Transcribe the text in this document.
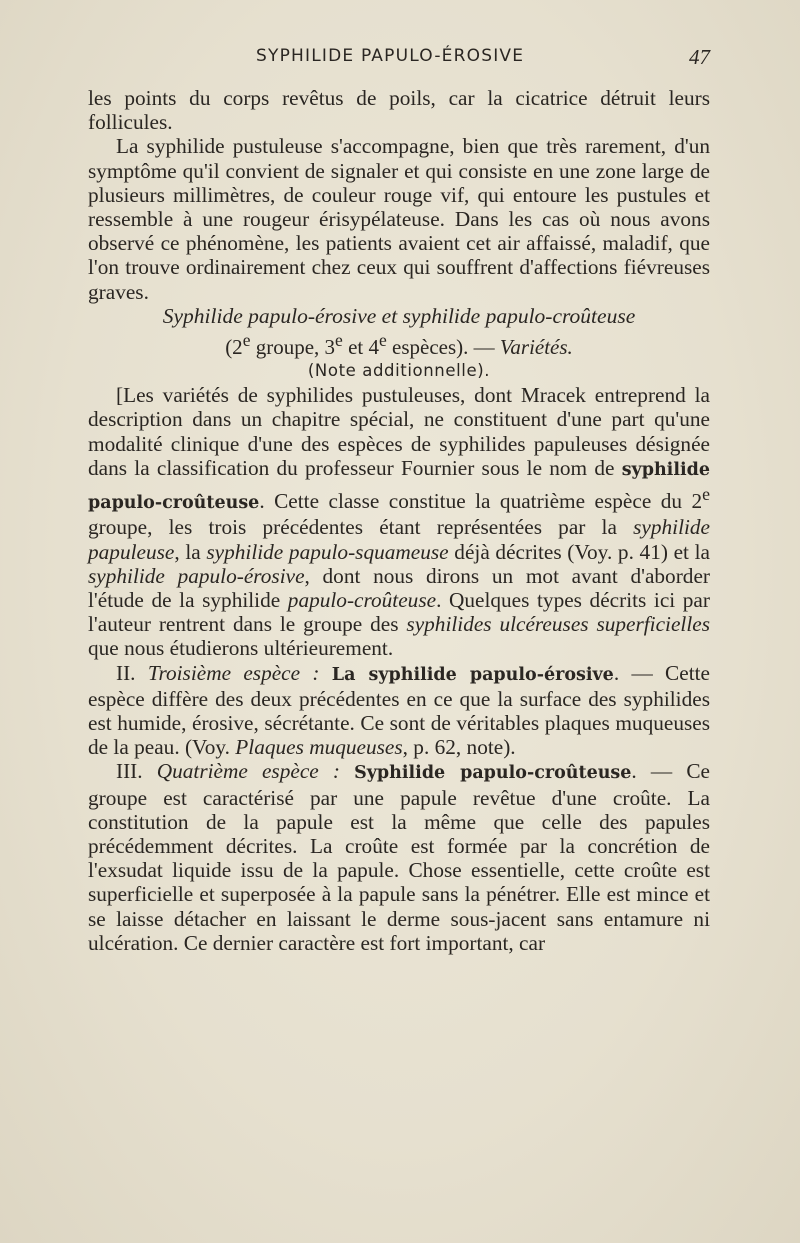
SYPHILIDE PAPULO-ÉROSIVE	47

les points du corps revêtus de poils, car la cicatrice détruit leurs follicules.

La syphilide pustuleuse s'accompagne, bien que très rarement, d'un symptôme qu'il convient de signaler et qui consiste en une zone large de plusieurs millimètres, de couleur rouge vif, qui entoure les pustules et ressemble à une rougeur érisypélateuse. Dans les cas où nous avons observé ce phénomène, les patients avaient cet air affaissé, maladif, que l'on trouve ordinairement chez ceux qui souffrent d'affections fiévreuses graves.

Syphilide papulo-érosive et syphilide papulo-croûteuse

(2e groupe, 3e et 4e espèces). — Variétés.

(Note additionnelle).

[Les variétés de syphilides pustuleuses, dont Mracek entreprend la description dans un chapitre spécial, ne constituent d'une part qu'une modalité clinique d'une des espèces de syphilides papuleuses désignée dans la classification du professeur Fournier sous le nom de syphilide papulo-croûteuse. Cette classe constitue la quatrième espèce du 2e groupe, les trois précédentes étant représentées par la syphilide papuleuse, la syphilide papulo-squameuse déjà décrites (Voy. p. 41) et la syphilide papulo-érosive, dont nous dirons un mot avant d'aborder l'étude de la syphilide papulo-croûteuse. Quelques types décrits ici par l'auteur rentrent dans le groupe des syphilides ulcéreuses superficielles que nous étudierons ultérieurement.

II. Troisième espèce : La syphilide papulo-érosive. — Cette espèce diffère des deux précédentes en ce que la surface des syphilides est humide, érosive, sécrétante. Ce sont de véritables plaques muqueuses de la peau. (Voy. Plaques muqueuses, p. 62, note).

III. Quatrième espèce : Syphilide papulo-croûteuse. — Ce groupe est caractérisé par une papule revêtue d'une croûte. La constitution de la papule est la même que celle des papules précédemment décrites. La croûte est formée par la concrétion de l'exsudat liquide issu de la papule. Chose essentielle, cette croûte est superficielle et superposée à la papule sans la pénétrer. Elle est mince et se laisse détacher en laissant le derme sous-jacent sans entamure ni ulcération. Ce dernier caractère est fort important, car
